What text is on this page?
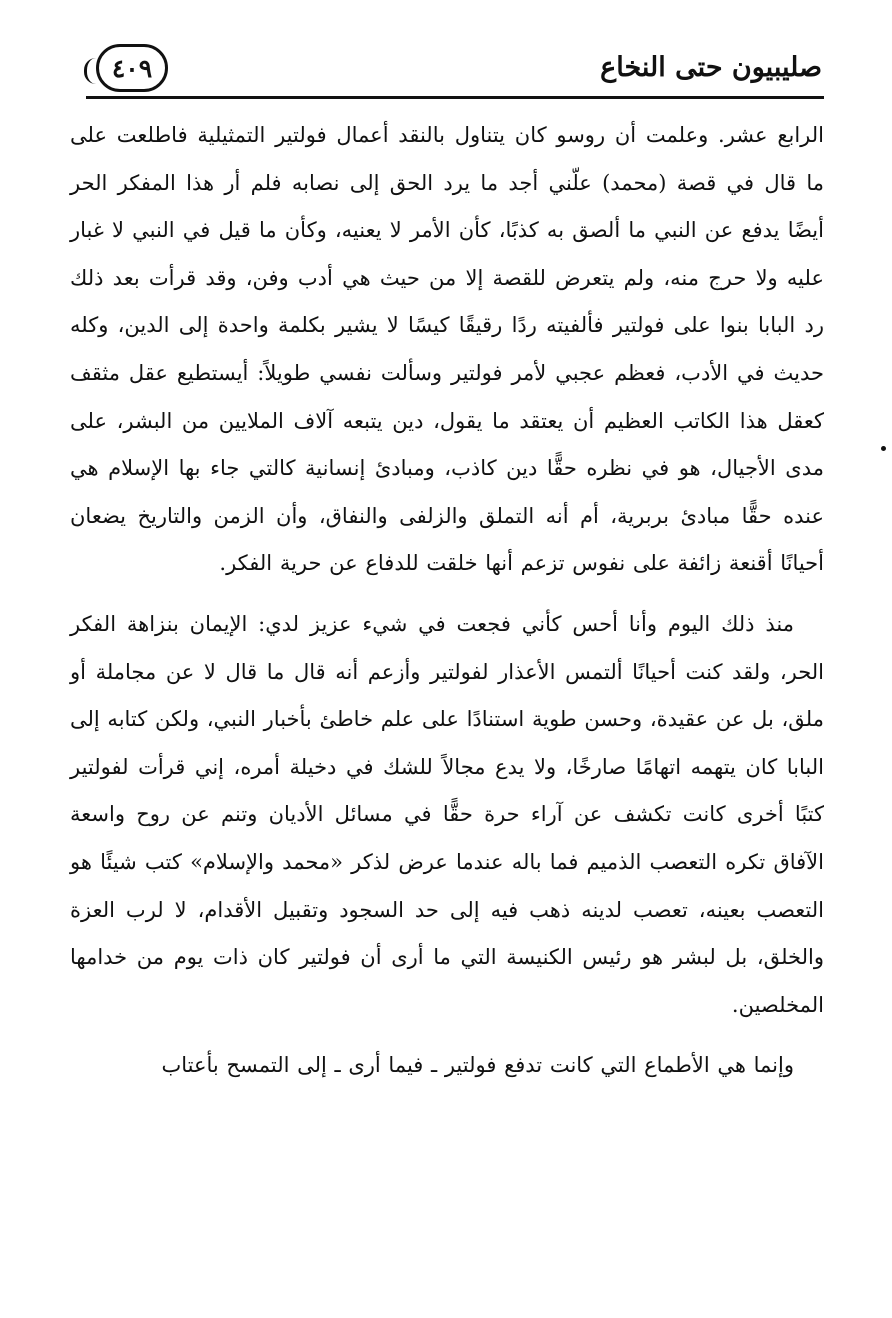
صليبيون حتى النخاع
٤٠٩

الرابع عشر. وعلمت أن روسو كان يتناول بالنقد أعمال فولتير التمثيلية فاطلعت على ما قال في قصة (محمد) علّني أجد ما يرد الحق إلى نصابه فلم أر هذا المفكر الحر أيضًا يدفع عن النبي ما ألصق به كذبًا، كأن الأمر لا يعنيه، وكأن ما قيل في النبي لا غبار عليه ولا حرج منه، ولم يتعرض للقصة إلا من حيث هي أدب وفن، وقد قرأت بعد ذلك رد البابا بنوا على فولتير فألفيته ردًا رقيقًا كيسًا لا يشير بكلمة واحدة إلى الدين، وكله حديث في الأدب، فعظم عجبي لأمر فولتير وسألت نفسي طويلاً: أيستطيع عقل مثقف كعقل هذا الكاتب العظيم أن يعتقد ما يقول، دين يتبعه آلاف الملايين من البشر، على مدى الأجيال، هو في نظره حقًّا دين كاذب، ومبادئ إنسانية كالتي جاء بها الإسلام هي عنده حقًّا مبادئ بربرية، أم أنه التملق والزلفى والنفاق، وأن الزمن والتاريخ يضعان أحيانًا أقنعة زائفة على نفوس تزعم أنها خلقت للدفاع عن حرية الفكر.

منذ ذلك اليوم وأنا أحس كأني فجعت في شيء عزيز لدي: الإيمان بنزاهة الفكر الحر، ولقد كنت أحيانًا ألتمس الأعذار لفولتير وأزعم أنه قال ما قال لا عن مجاملة أو ملق، بل عن عقيدة، وحسن طوية استنادًا على علم خاطئ بأخبار النبي، ولكن كتابه إلى البابا كان يتهمه اتهامًا صارخًا، ولا يدع مجالاً للشك في دخيلة أمره، إني قرأت لفولتير كتبًا أخرى كانت تكشف عن آراء حرة حقًّا في مسائل الأديان وتنم عن روح واسعة الآفاق تكره التعصب الذميم فما باله عندما عرض لذكر «محمد والإسلام» كتب شيئًا هو التعصب بعينه، تعصب لدينه ذهب فيه إلى حد السجود وتقبيل الأقدام، لا لرب العزة والخلق، بل لبشر هو رئيس الكنيسة التي ما أرى أن فولتير كان ذات يوم من خدامها المخلصين.

وإنما هي الأطماع التي كانت تدفع فولتير ـ فيما أرى ـ إلى التمسح بأعتاب
